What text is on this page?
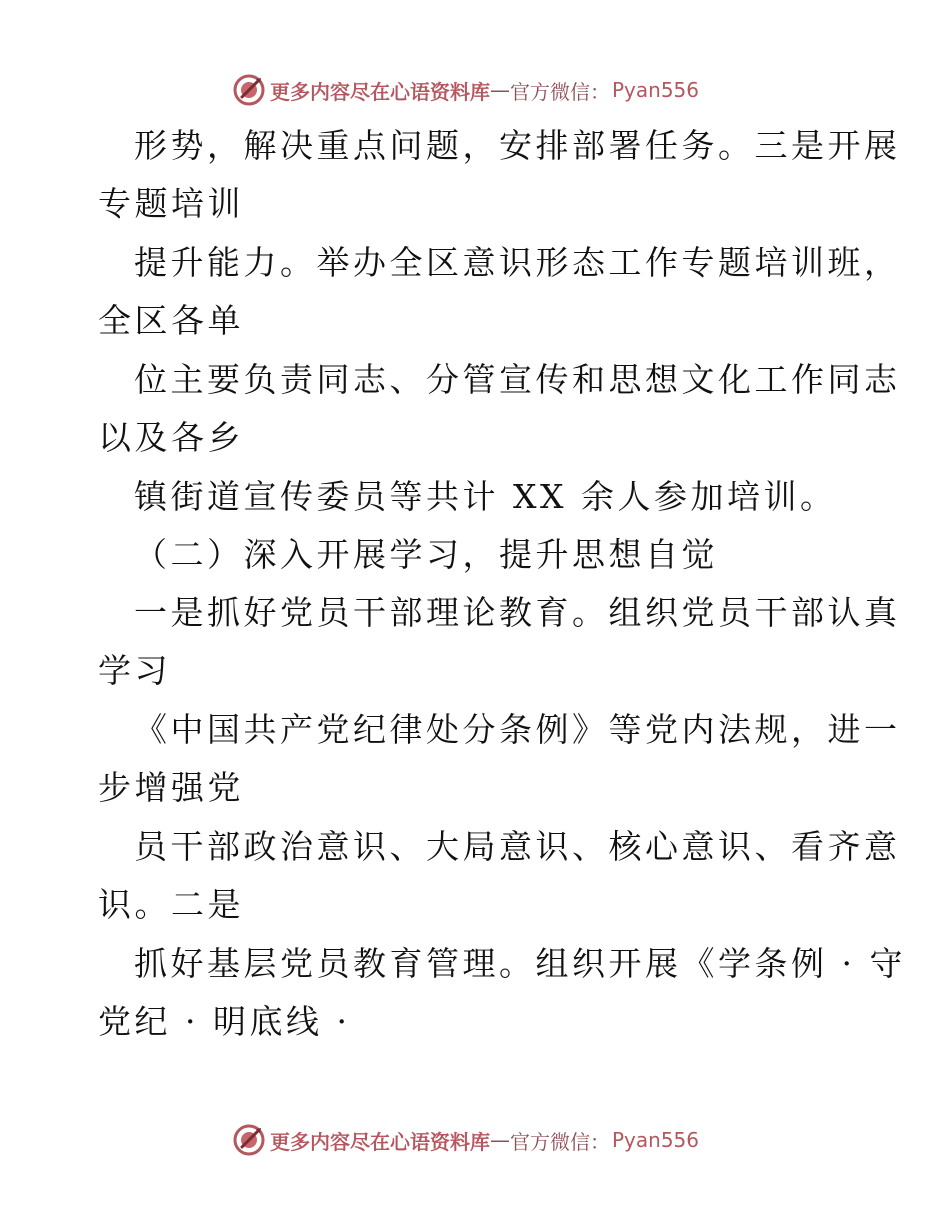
更多内容尽在心语资料库 — 官方微信： Pyan556
形势，解决重点问题，安排部署任务。三是开展
专题培训
提升能力。举办全区意识形态工作专题培训班，
全区各单
位主要负责同志、分管宣传和思想文化工作同志
以及各乡
镇街道宣传委员等共计 XX 余人参加培训。
（二）深入开展学习，提升思想自觉
一是抓好党员干部理论教育。组织党员干部认真
学习
《中国共产党纪律处分条例》等党内法规，进一
步增强党
员干部政治意识、大局意识、核心意识、看齐意
识。二是
抓好基层党员教育管理。组织开展《学条例 · 守
党纪 · 明底线 ·
更多内容尽在心语资料库 — 官方微信： Pyan556
